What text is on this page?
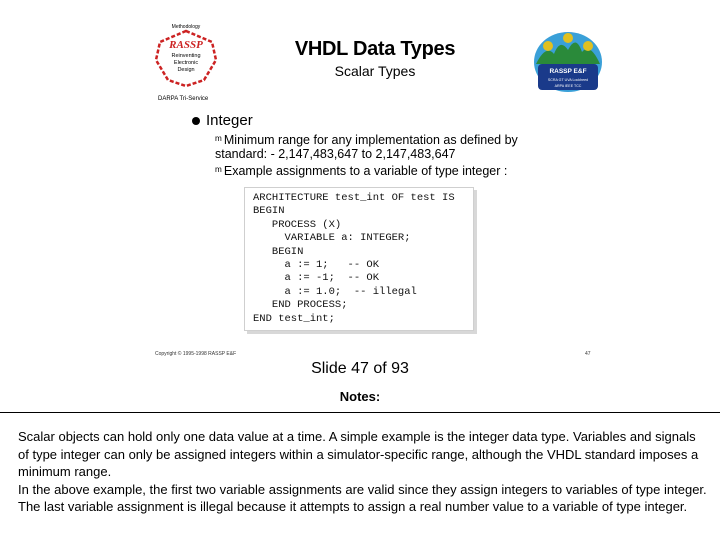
Methodology
RASSP
Reinventing
Electronic
Design
DARPA Tri-Service
VHDL Data Types
Scalar Types	RASSP E&F
SCRA GT UVA Lockheed
ARPA IEEE TCC
Integer
ᵐ Minimum range for any implementation as defined by standard: - 2,147,483,647 to 2,147,483,647
ᵐ Example assignments to a variable of type integer :
ARCHITECTURE test_int OF test IS
BEGIN
PROCESS (X)
VARIABLE a: INTEGER;
BEGIN
a := 1;   -- OK
a := -1;  -- OK
a := 1.0;  -- illegal
END PROCESS;
END test_int;
Copyright © 1995-1998 RASSP E&F	47
Slide 47 of 93
Notes:

Scalar objects can hold only one data value at a time. A simple example is the integer data type. Variables and signals of type integer can only be assigned integers within a simulator-specific range, although the VHDL standard imposes a minimum range.

In the above example, the first two variable assignments are valid since they assign integers to variables of type integer. The last variable assignment is illegal because it attempts to assign a real number value to a variable of type integer.
